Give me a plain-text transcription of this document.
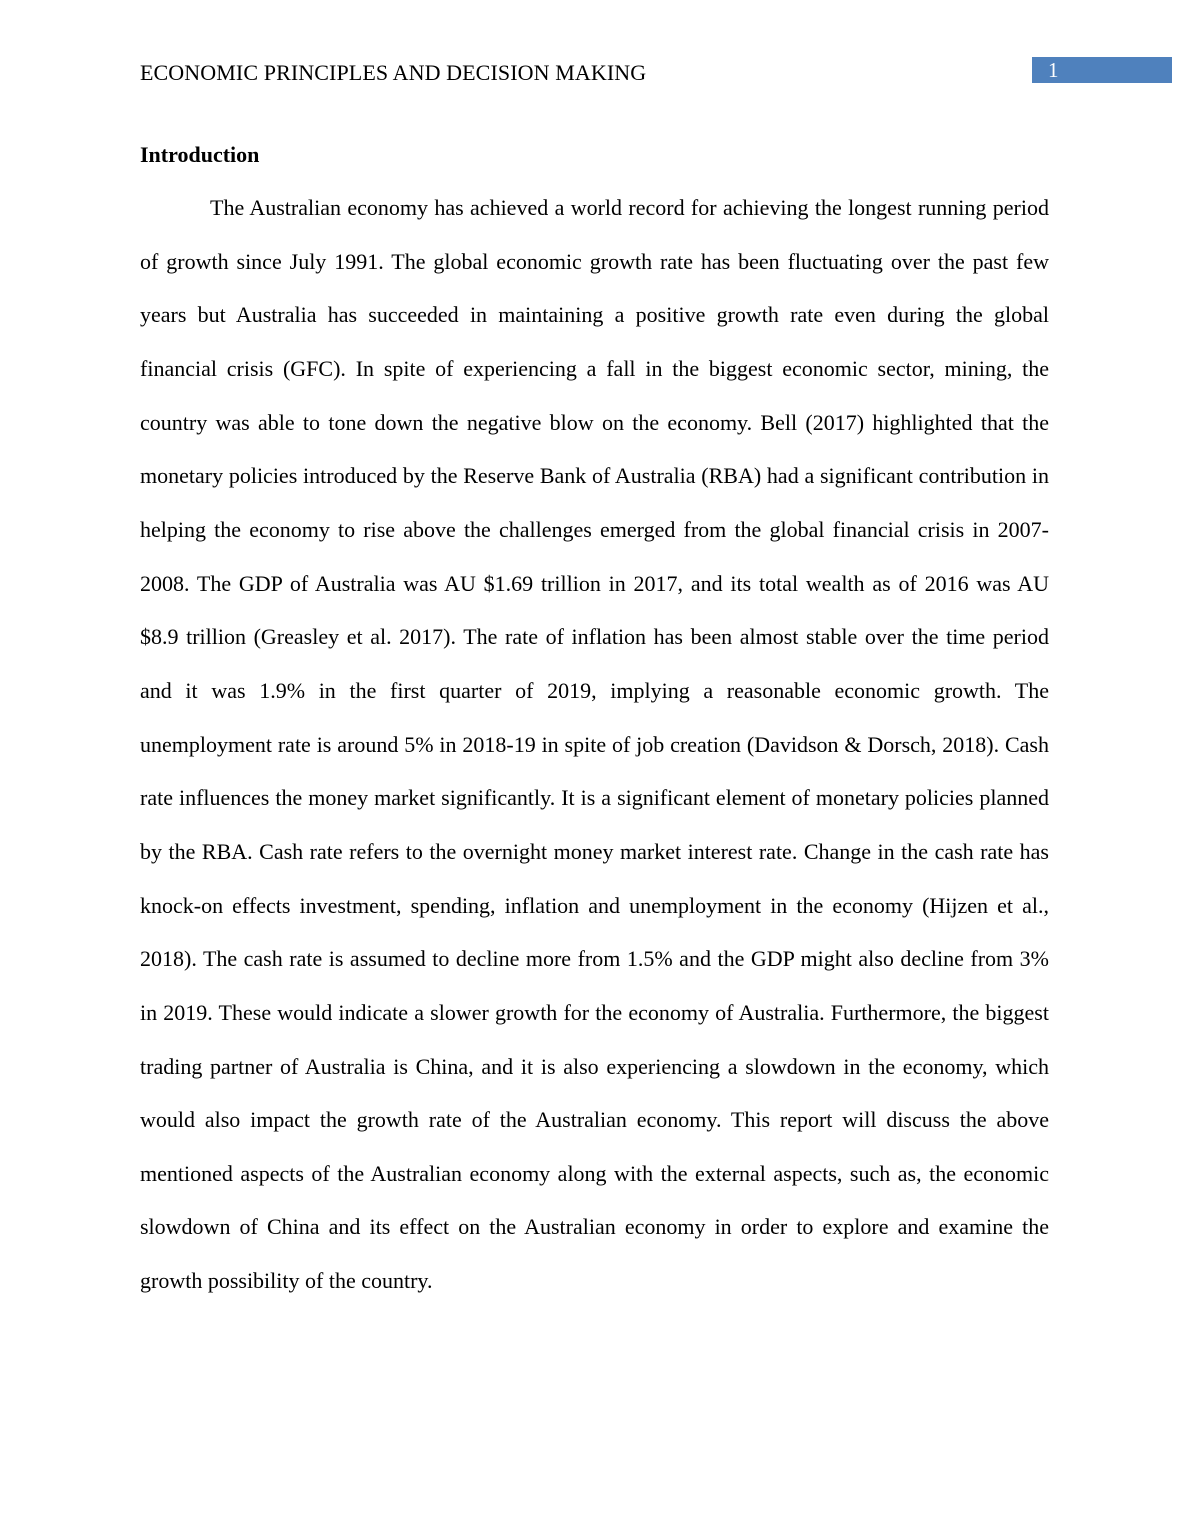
ECONOMIC PRINCIPLES AND DECISION MAKING	1
Introduction

The Australian economy has achieved a world record for achieving the longest running period of growth since July 1991. The global economic growth rate has been fluctuating over the past few years but Australia has succeeded in maintaining a positive growth rate even during the global financial crisis (GFC). In spite of experiencing a fall in the biggest economic sector, mining, the country was able to tone down the negative blow on the economy. Bell (2017) highlighted that the monetary policies introduced by the Reserve Bank of Australia (RBA) had a significant contribution in helping the economy to rise above the challenges emerged from the global financial crisis in 2007-2008. The GDP of Australia was AU $1.69 trillion in 2017, and its total wealth as of 2016 was AU $8.9 trillion (Greasley et al. 2017). The rate of inflation has been almost stable over the time period and it was 1.9% in the first quarter of 2019, implying a reasonable economic growth. The unemployment rate is around 5% in 2018-19 in spite of job creation (Davidson & Dorsch, 2018). Cash rate influences the money market significantly. It is a significant element of monetary policies planned by the RBA. Cash rate refers to the overnight money market interest rate. Change in the cash rate has knock-on effects investment, spending, inflation and unemployment in the economy (Hijzen et al., 2018). The cash rate is assumed to decline more from 1.5% and the GDP might also decline from 3% in 2019. These would indicate a slower growth for the economy of Australia. Furthermore, the biggest trading partner of Australia is China, and it is also experiencing a slowdown in the economy, which would also impact the growth rate of the Australian economy. This report will discuss the above mentioned aspects of the Australian economy along with the external aspects, such as, the economic slowdown of China and its effect on the Australian economy in order to explore and examine the growth possibility of the country.
